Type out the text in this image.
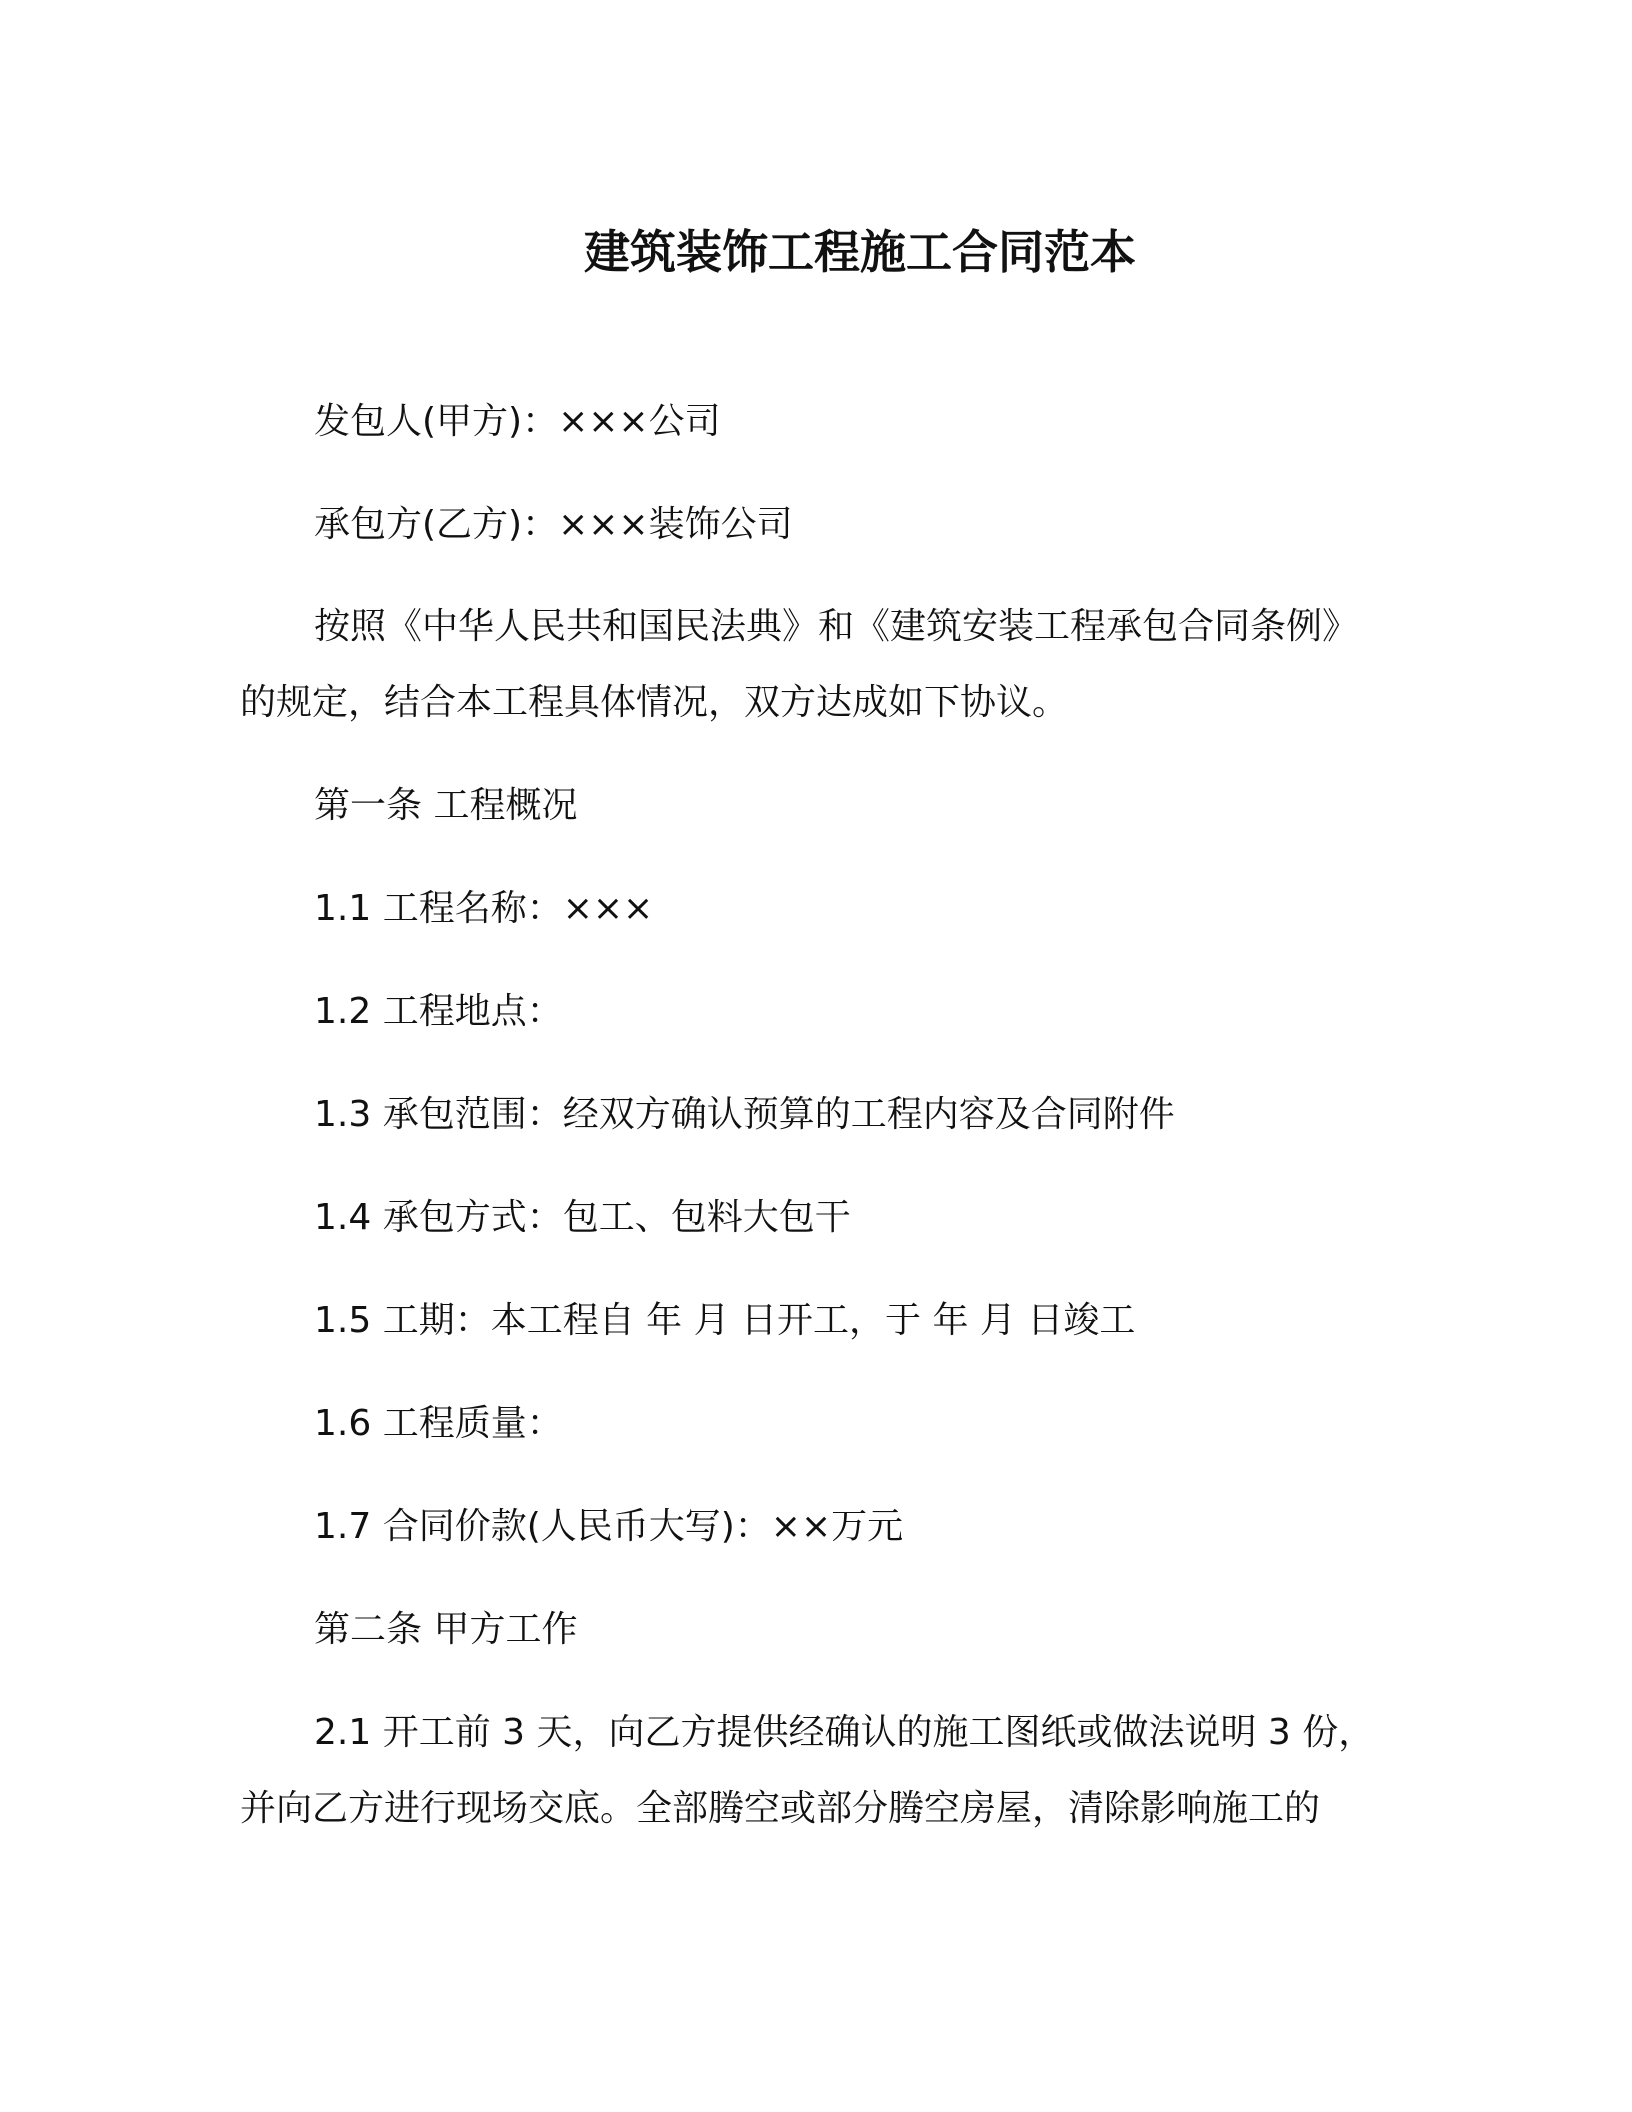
建筑装饰工程施工合同范本
发包人(甲方)：×××公司
承包方(乙方)：×××装饰公司
按照《中华人民共和国民法典》和《建筑安装工程承包合同条例》
的规定，结合本工程具体情况，双方达成如下协议。
第一条 工程概况
1.1 工程名称：×××
1.2 工程地点：
1.3 承包范围：经双方确认预算的工程内容及合同附件
1.4 承包方式：包工、包料大包干
1.5 工期：本工程自 年 月 日开工，于 年 月 日竣工
1.6 工程质量：
1.7 合同价款(人民币大写)：××万元
第二条 甲方工作
2.1 开工前 3 天，向乙方提供经确认的施工图纸或做法说明 3 份，
并向乙方进行现场交底。全部腾空或部分腾空房屋，清除影响施工的
